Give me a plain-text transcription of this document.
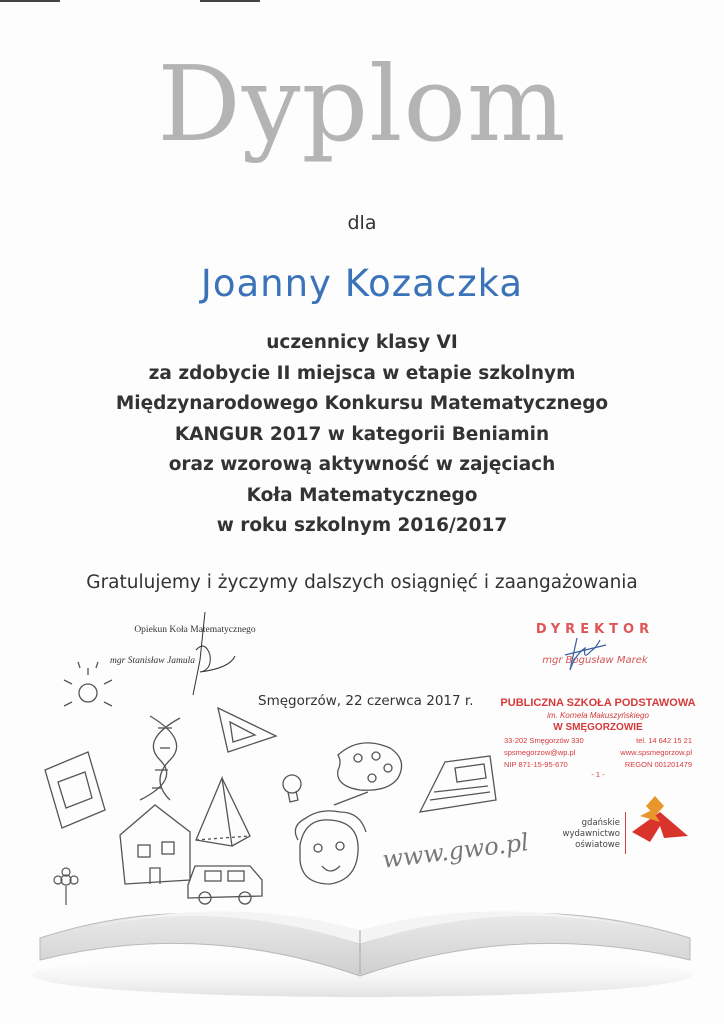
Dyplom
dla
Joanny Kozaczka
uczennicy klasy VI
za zdobycie II miejsca w etapie szkolnym
Międzynarodowego Konkursu Matematycznego
KANGUR 2017 w kategorii Beniamin
oraz wzorową aktywność w zajęciach
Koła Matematycznego
w roku szkolnym 2016/2017
Gratulujemy i życzymy dalszych osiągnięć i zaangażowania
Opiekun Koła Matematycznego
mgr Stanisław Jamula
DYREKTOR
mgr Bogusław Marek
Smęgorzów, 22 czerwca 2017 r. PUBLICZNA SZKOŁA PODSTAWOWA
im. Kornela Makuszyńskiego
W SMĘGORZOWIE
33-202 Smęgorzów 330	tel. 14 642 15 21
spsmegorzow@wp.pl	www.spsmegorzow.pl
NIP 871-15-95-670	REGON 001201479
- 1 -
www.gwo.pl
gdańskie wydawnictwo oświatowe
